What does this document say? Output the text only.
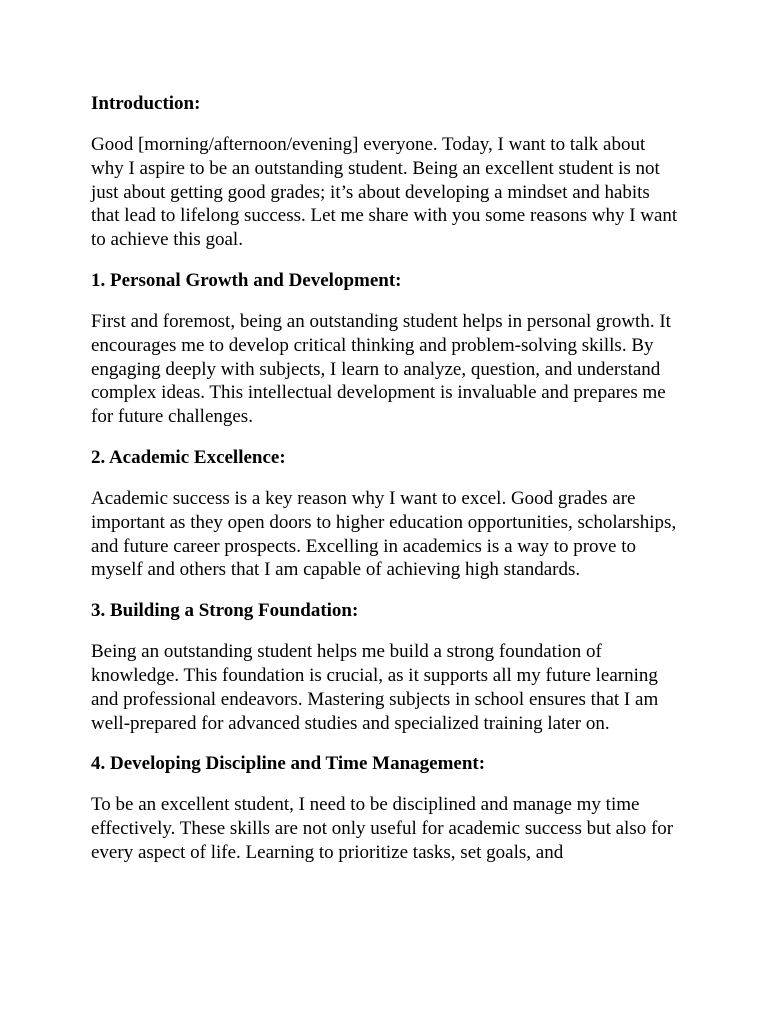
Introduction:
Good [morning/afternoon/evening] everyone. Today, I want to talk about why I aspire to be an outstanding student. Being an excellent student is not just about getting good grades; it’s about developing a mindset and habits that lead to lifelong success. Let me share with you some reasons why I want to achieve this goal.
1. Personal Growth and Development:
First and foremost, being an outstanding student helps in personal growth. It encourages me to develop critical thinking and problem-solving skills. By engaging deeply with subjects, I learn to analyze, question, and understand complex ideas. This intellectual development is invaluable and prepares me for future challenges.
2. Academic Excellence:
Academic success is a key reason why I want to excel. Good grades are important as they open doors to higher education opportunities, scholarships, and future career prospects. Excelling in academics is a way to prove to myself and others that I am capable of achieving high standards.
3. Building a Strong Foundation:
Being an outstanding student helps me build a strong foundation of knowledge. This foundation is crucial, as it supports all my future learning and professional endeavors. Mastering subjects in school ensures that I am well-prepared for advanced studies and specialized training later on.
4. Developing Discipline and Time Management:
To be an excellent student, I need to be disciplined and manage my time effectively. These skills are not only useful for academic success but also for every aspect of life. Learning to prioritize tasks, set goals, and
